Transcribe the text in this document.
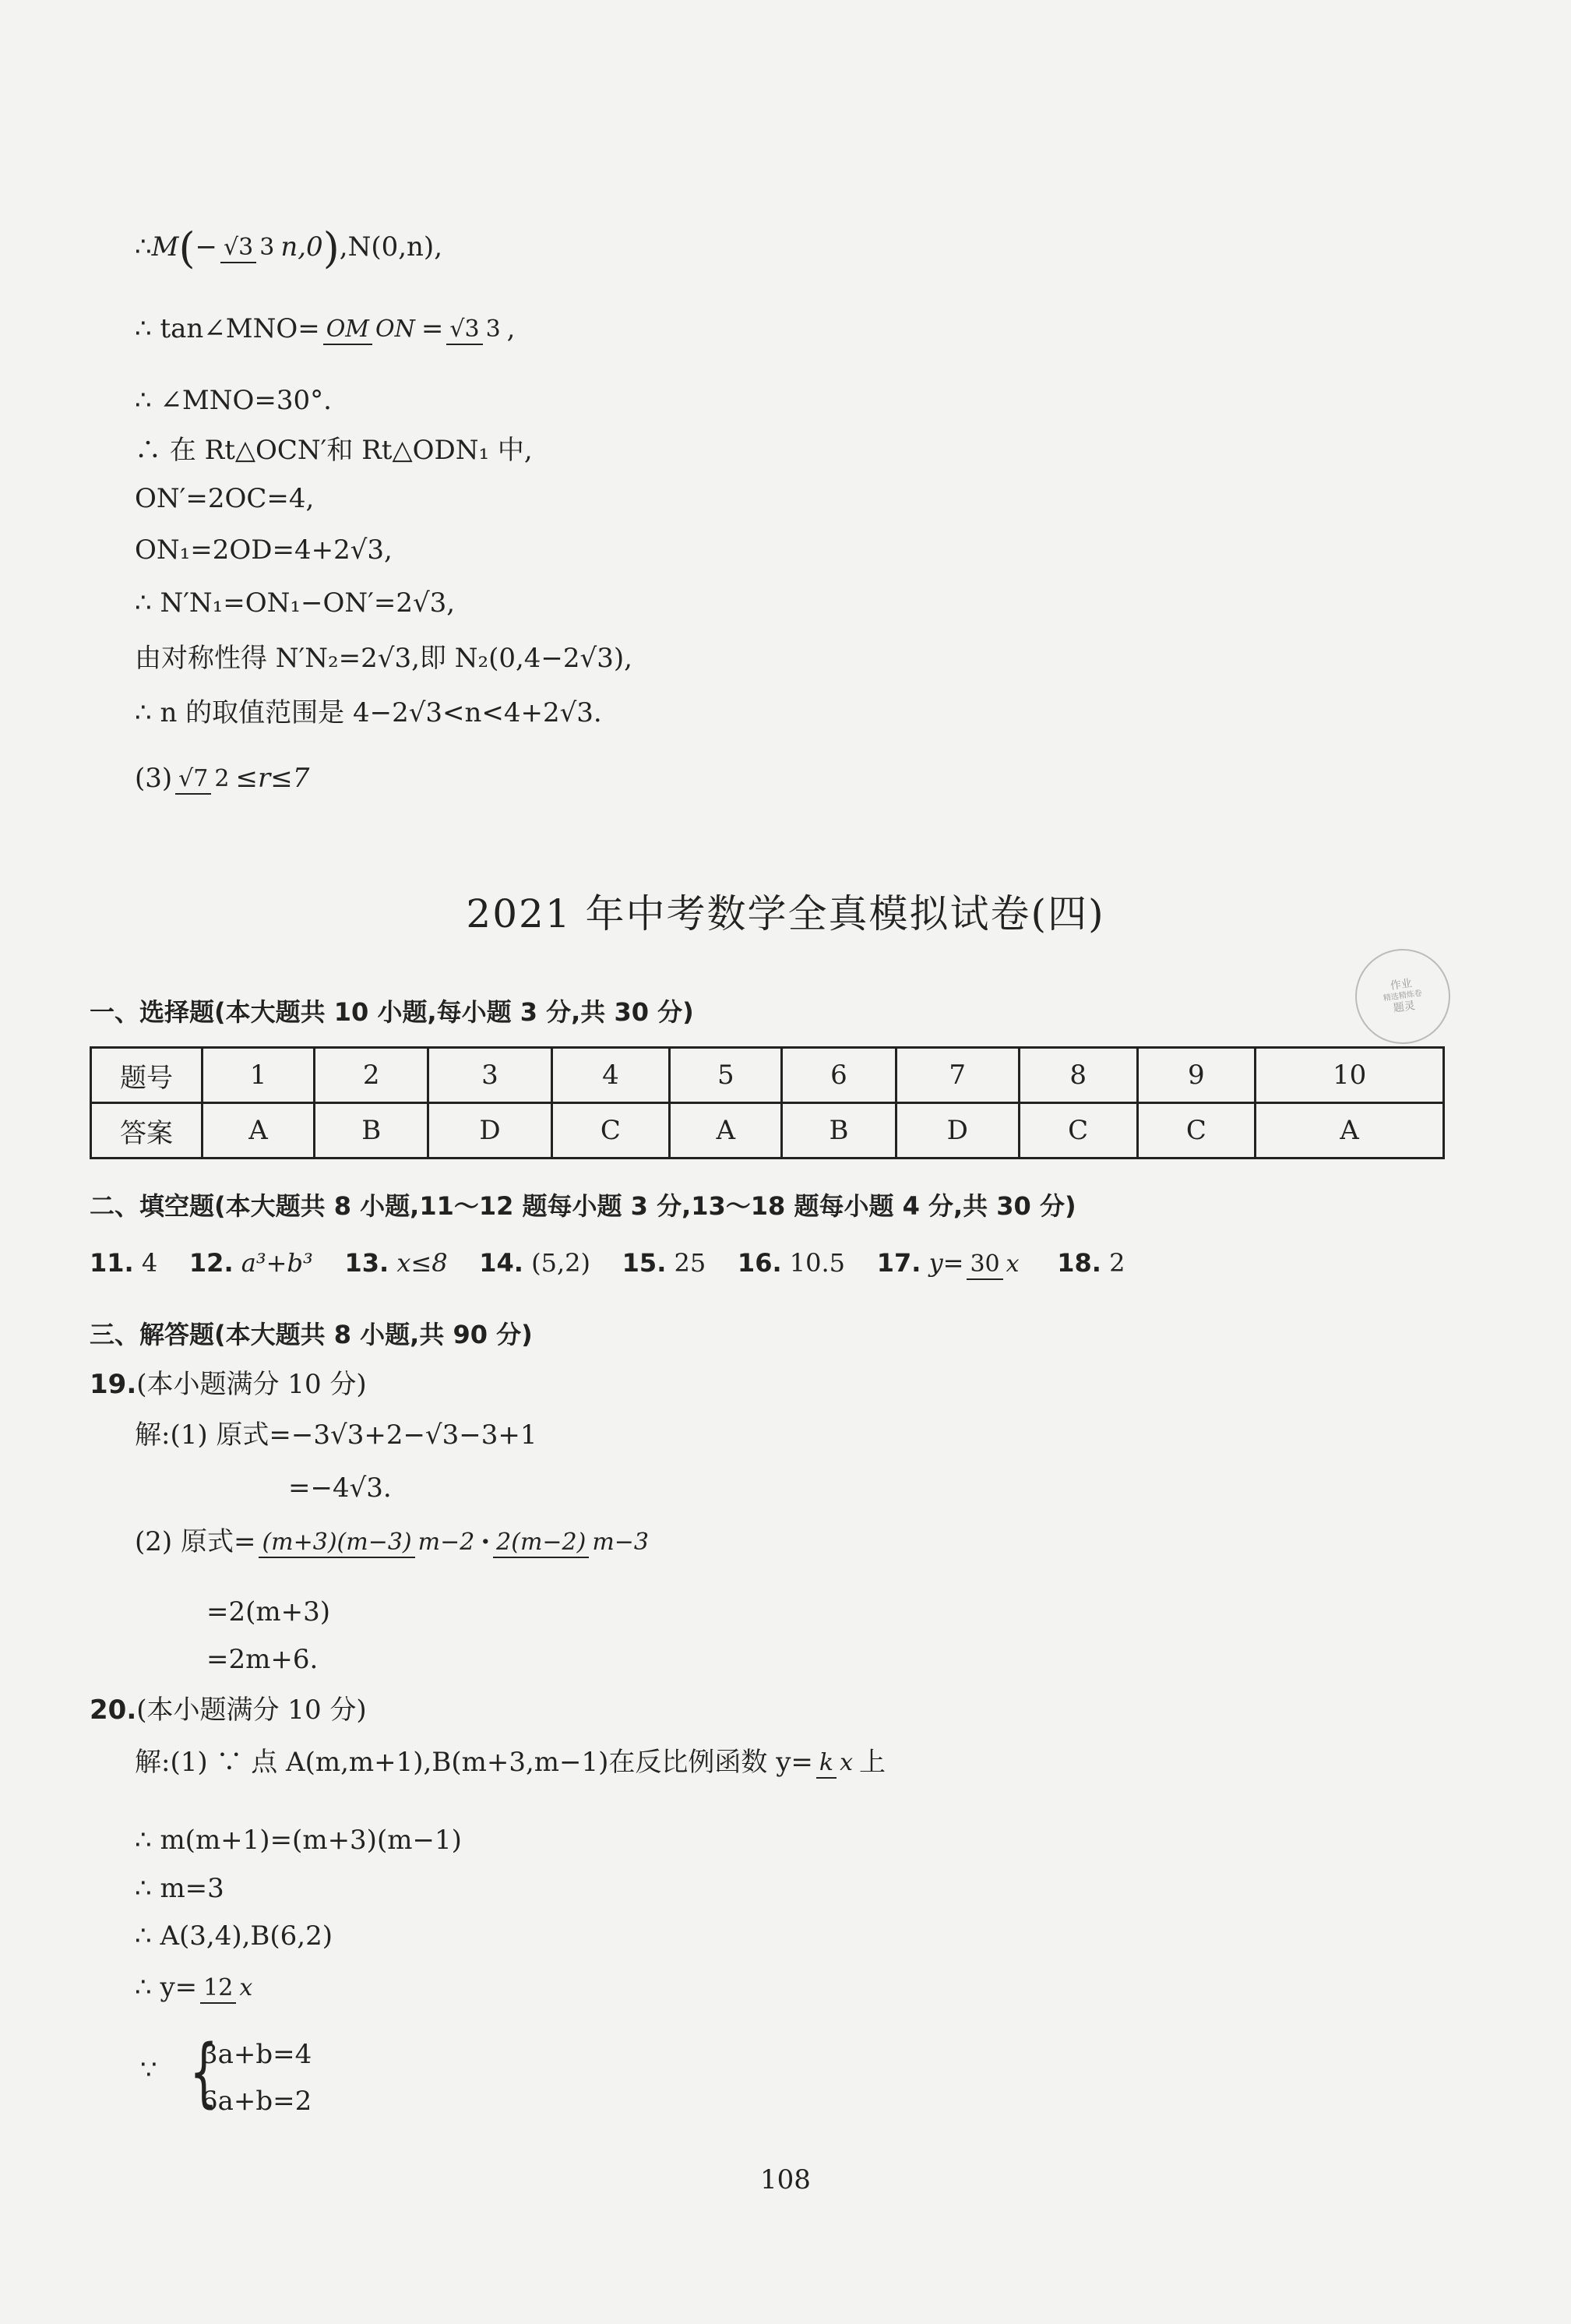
∴M(− √3 3 n,0),N(0,n),
∴ tan∠MNO= OM ON = √3 3 ,
∴ ∠MNO=30°.
∴ 在 Rt△OCN′和 Rt△ODN₁ 中,
ON′=2OC=4,
ON₁=2OD=4+2√3,
∴ N′N₁=ON₁−ON′=2√3,
由对称性得 N′N₂=2√3,即 N₂(0,4−2√3),
∴ n 的取值范围是 4−2√3<n<4+2√3.
(3)√7 2 ≤r≤7
2021 年中考数学全真模拟试卷(四)
作业
精选精炼卷
题灵
一、选择题(本大题共 10 小题,每小题 3 分,共 30 分)
题号	1	2	3	4	5	6	7	8	9	10
答案	A	B	D	C	A	B	D	C	C	A
二、填空题(本大题共 8 小题,11～12 题每小题 3 分,13～18 题每小题 4 分,共 30 分)
11. 4 12. a³+b³ 13. x≤8 14. (5,2) 15. 25 16. 10.5 17. y= 30 x 18. 2
三、解答题(本大题共 8 小题,共 90 分)
19.(本小题满分 10 分)
解:(1) 原式=−3√3+2−√3−3+1
=−4√3.
(2) 原式= (m+3)(m−3) m−2 · 2(m−2) m−3
=2(m+3)
=2m+6.
20.(本小题满分 10 分)
解:(1) ∵ 点 A(m,m+1),B(m+3,m−1)在反比例函数 y= k x 上
∴ m(m+1)=(m+3)(m−1)
∴ m=3
∴ A(3,4),B(6,2)
∴ y= 12 x
∵ {
3a+b=4
6a+b=2
108
